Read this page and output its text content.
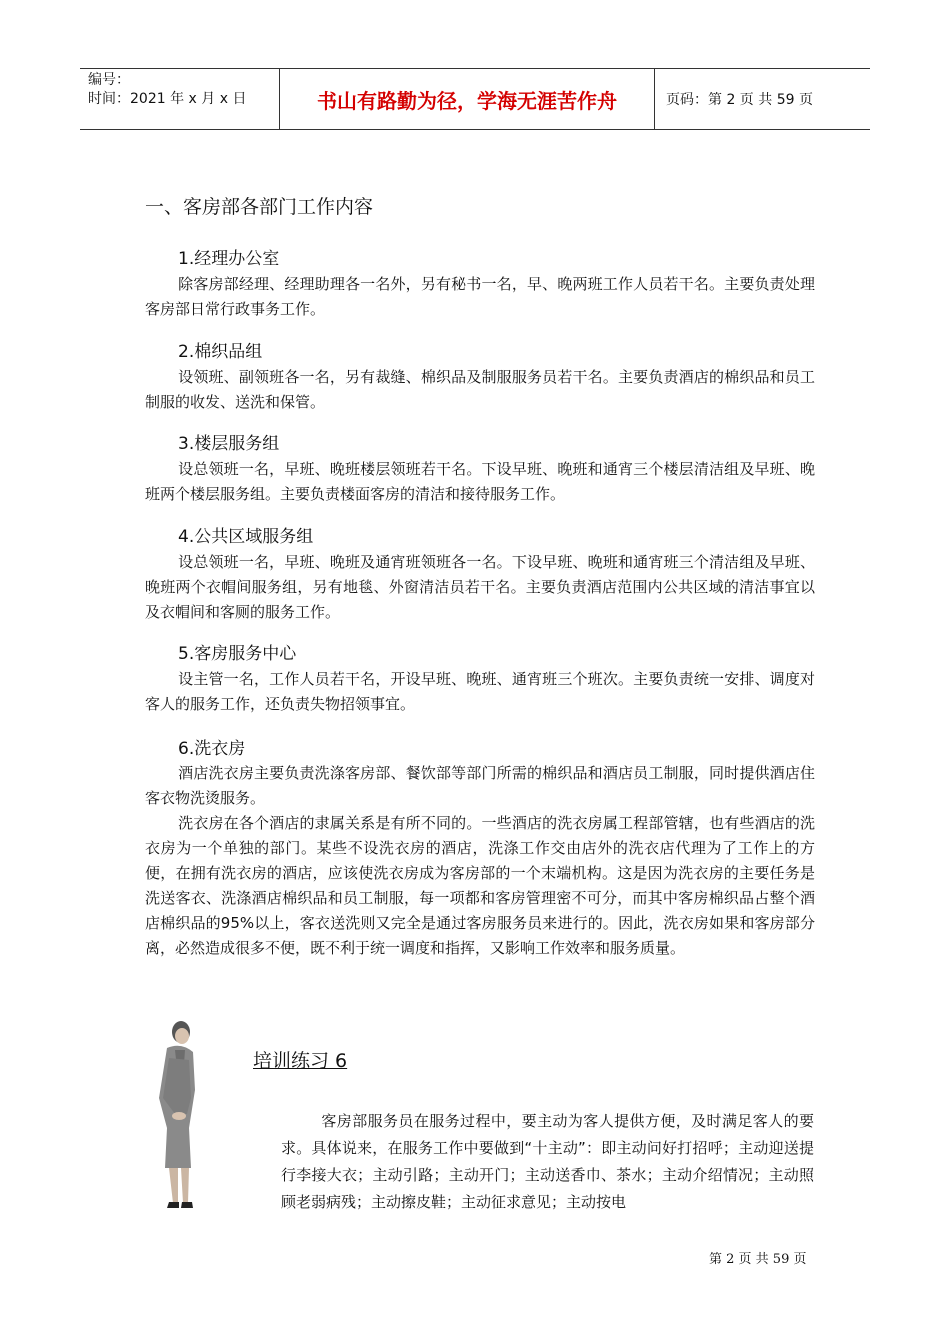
编号：
时间：2021 年 x 月 x 日	书山有路勤为径，学海无涯苦作舟	页码：第 2 页 共 59 页
一、客房部各部门工作内容
1.经理办公室
除客房部经理、经理助理各一名外，另有秘书一名，早、晚两班工作人员若干名。主要负责处理客房部日常行政事务工作。
2.棉织品组
设领班、副领班各一名，另有裁缝、棉织品及制服服务员若干名。主要负责酒店的棉织品和员工制服的收发、送洗和保管。
3.楼层服务组
设总领班一名，早班、晚班楼层领班若干名。下设早班、晚班和通宵三个楼层清洁组及早班、晚班两个楼层服务组。主要负责楼面客房的清洁和接待服务工作。
4.公共区域服务组
设总领班一名，早班、晚班及通宵班领班各一名。下设早班、晚班和通宵班三个清洁组及早班、晚班两个衣帽间服务组，另有地毯、外窗清洁员若干名。主要负责酒店范围内公共区域的清洁事宜以及衣帽间和客厕的服务工作。
5.客房服务中心
设主管一名，工作人员若干名，开设早班、晚班、通宵班三个班次。主要负责统一安排、调度对客人的服务工作，还负责失物招领事宜。
6.洗衣房
酒店洗衣房主要负责洗涤客房部、餐饮部等部门所需的棉织品和酒店员工制服，同时提供酒店住客衣物洗烫服务。
洗衣房在各个酒店的隶属关系是有所不同的。一些酒店的洗衣房属工程部管辖，也有些酒店的洗衣房为一个单独的部门。某些不设洗衣房的酒店，洗涤工作交由店外的洗衣店代理为了工作上的方便，在拥有洗衣房的酒店，应该使洗衣房成为客房部的一个末端机构。这是因为洗衣房的主要任务是洗送客衣、洗涤酒店棉织品和员工制服，每一项都和客房管理密不可分，而其中客房棉织品占整个酒店棉织品的95%以上，客衣送洗则又完全是通过客房服务员来进行的。因此，洗衣房如果和客房部分离，必然造成很多不便，既不利于统一调度和指挥，又影响工作效率和服务质量。
培训练习 6
客房部服务员在服务过程中，要主动为客人提供方便，及时满足客人的要求。具体说来，在服务工作中要做到“十主动”：即主动问好打招呼；主动迎送提行李接大衣；主动引路；主动开门；主动送香巾、茶水；主动介绍情况；主动照顾老弱病残；主动擦皮鞋；主动征求意见；主动按电
第 2 页 共 59 页
